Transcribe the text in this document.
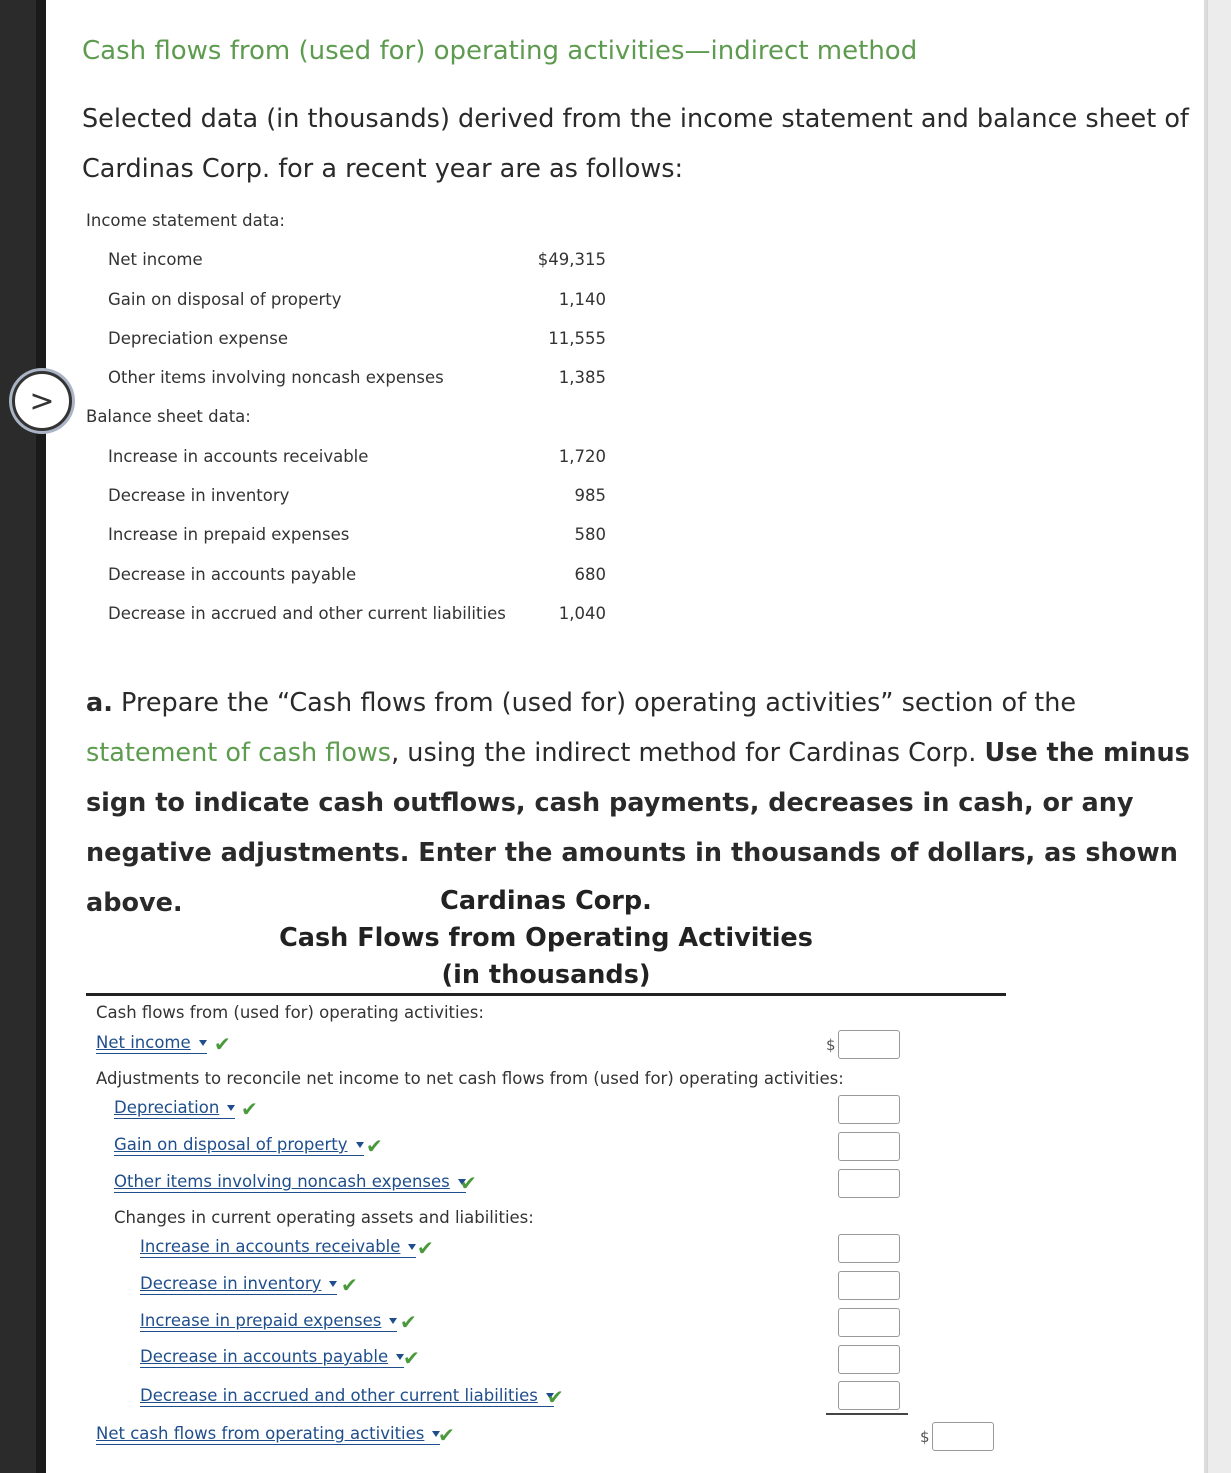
>
Cash flows from (used for) operating activities—indirect method
Selected data (in thousands) derived from the income statement and balance sheet of Cardinas Corp. for a recent year are as follows:
Income statement data:
Net income	$49,315
Gain on disposal of property	1,140
Depreciation expense	11,555
Other items involving noncash expenses	1,385
Balance sheet data:
Increase in accounts receivable	1,720
Decrease in inventory	985
Increase in prepaid expenses	580
Decrease in accounts payable	680
Decrease in accrued and other current liabilities	1,040
a. Prepare the “Cash flows from (used for) operating activities” section of the statement of cash flows, using the indirect method for Cardinas Corp. Use the minus sign to indicate cash outflows, cash payments, decreases in cash, or any negative adjustments. Enter the amounts in thousands of dollars, as shown above.	Cardinas Corp.
Cash Flows from Operating Activities
(in thousands)
Cash flows from (used for) operating activities:
Net income ✔	$
Adjustments to reconcile net income to net cash flows from (used for) operating activities:
Depreciation ✔
Gain on disposal of property ✔
Other items involving noncash expenses ✔
Changes in current operating assets and liabilities:
Increase in accounts receivable ✔
Decrease in inventory ✔
Increase in prepaid expenses ✔
Decrease in accounts payable ✔
Decrease in accrued and other current liabilities ✔
Net cash flows from operating activities ✔	$
